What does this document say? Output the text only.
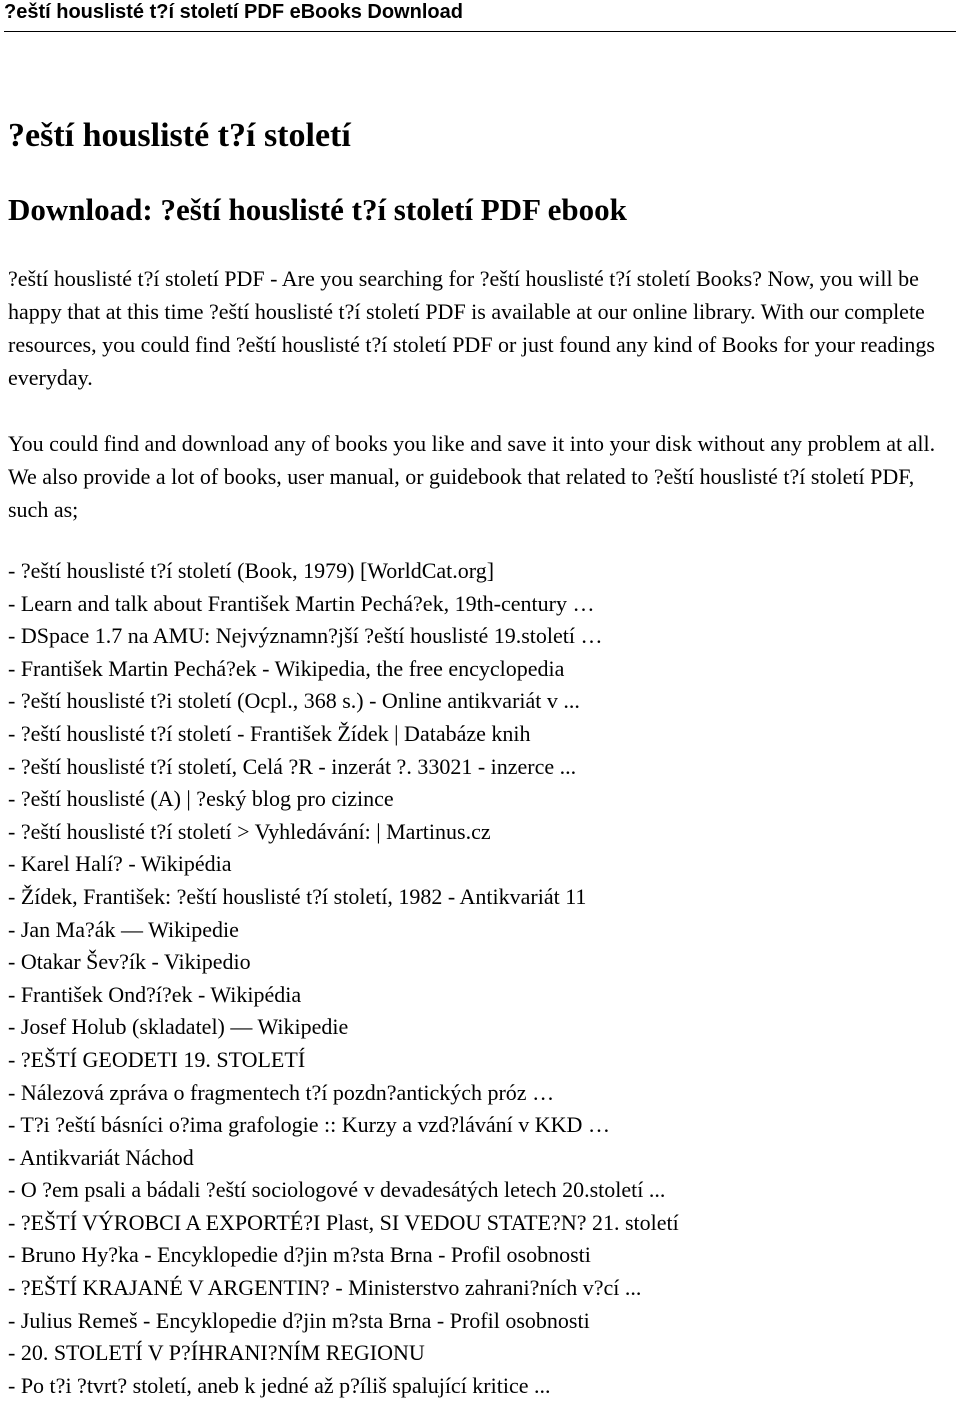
?eští houslisté t?í století PDF eBooks Download
?eští houslisté t?í století
Download: ?eští houslisté t?í století PDF ebook

?eští houslisté t?í století PDF - Are you searching for ?eští houslisté t?í století Books? Now, you will be happy that at this time ?eští houslisté t?í století PDF is available at our online library. With our complete resources, you could find ?eští houslisté t?í století PDF or just found any kind of Books for your readings everyday.

You could find and download any of books you like and save it into your disk without any problem at all. We also provide a lot of books, user manual, or guidebook that related to ?eští houslisté t?í století PDF, such as;

- ?eští houslisté t?í století (Book, 1979) [WorldCat.org]
- Learn and talk about František Martin Pechá?ek, 19th-century …
- DSpace 1.7 na AMU: Nejvýznamn?jší ?eští houslisté 19.století …
- František Martin Pechá?ek - Wikipedia, the free encyclopedia
- ?eští houslisté t?i století (Ocpl., 368 s.) - Online antikvariát v ...
- ?eští houslisté t?í století - František Žídek | Databáze knih
- ?eští houslisté t?í století, Celá ?R - inzerát ?. 33021 - inzerce ...
- ?eští houslisté (A) | ?eský blog pro cizince
- ?eští houslisté t?í století > Vyhledávání: | Martinus.cz
- Karel Halí? - Wikipédia
- Žídek, František: ?eští houslisté t?í století, 1982 - Antikvariát 11
- Jan Ma?ák — Wikipedie
- Otakar Šev?ík - Vikipedio
- František Ond?í?ek - Wikipédia
- Josef Holub (skladatel) — Wikipedie
- ?EŠTÍ GEODETI 19. STOLETÍ
- Nálezová zpráva o fragmentech t?í pozdn?antických próz …
- T?i ?eští básníci o?ima grafologie :: Kurzy a vzd?lávání v KKD …
- Antikvariát Náchod
- O ?em psali a bádali ?eští sociologové v devadesátých letech 20.století ...
- ?EŠTÍ VÝROBCI A EXPORTÉ?I Plast, SI VEDOU STATE?N? 21. století
- Bruno Hy?ka - Encyklopedie d?jin m?sta Brna - Profil osobnosti
- ?EŠTÍ KRAJANÉ V ARGENTIN? - Ministerstvo zahrani?ních v?cí ...
- Julius Remeš - Encyklopedie d?jin m?sta Brna - Profil osobnosti
- 20. STOLETÍ V P?ÍHRANI?NÍM REGIONU
- Po t?i ?tvrt? století, aneb k jedné až p?íliš spalující kritice ...
